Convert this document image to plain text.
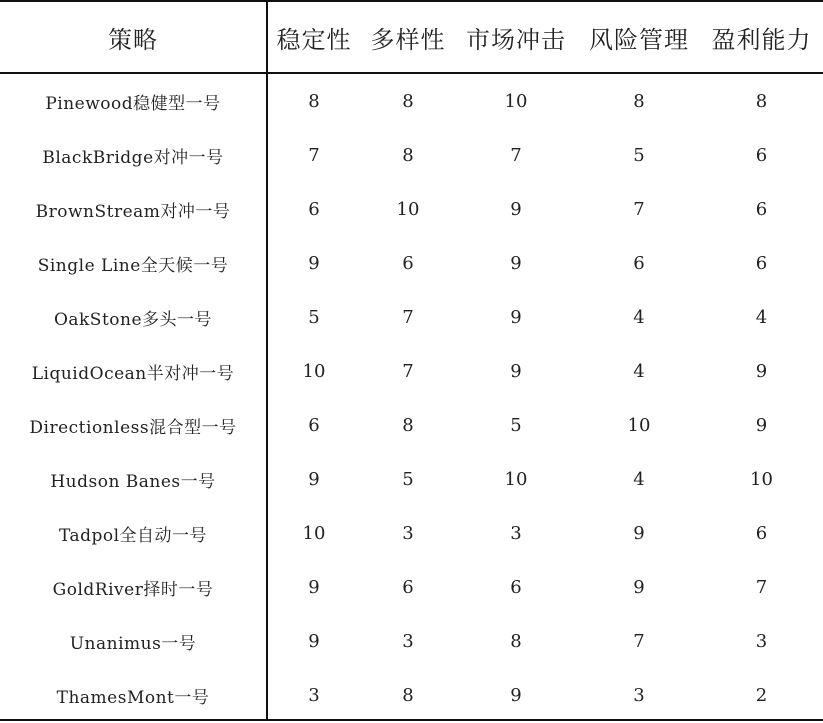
策略	稳定性	多样性	市场冲击	风险管理	盈利能力
Pinewood稳健型一号	8	8	10	8	8
BlackBridge对冲一号	7	8	7	5	6
BrownStream对冲一号	6	10	9	7	6
Single Line全天候一号	9	6	9	6	6
OakStone多头一号	5	7	9	4	4
LiquidOcean半对冲一号	10	7	9	4	9
Directionless混合型一号	6	8	5	10	9
Hudson Banes一号	9	5	10	4	10
Tadpol全自动一号	10	3	3	9	6
GoldRiver择时一号	9	6	6	9	7
Unanimus一号	9	3	8	7	3
ThamesMont一号	3	8	9	3	2
